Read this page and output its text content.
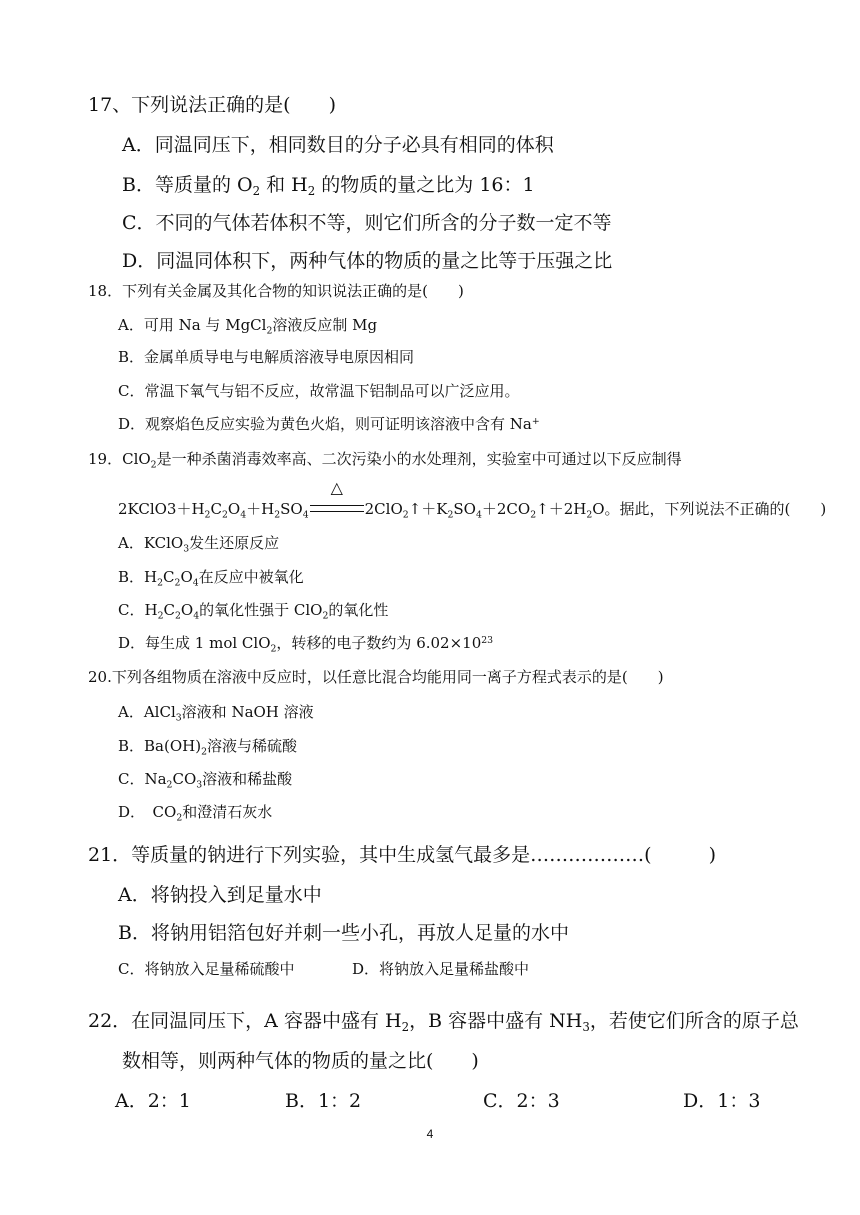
17、下列说法正确的是(　　)
A．同温同压下，相同数目的分子必具有相同的体积
B．等质量的 $O_2$ 和 $H_2$ 的物质的量之比为 16：1
C．不同的气体若体积不等，则它们所含的分子数一定不等
D．同温同体积下，两种气体的物质的量之比等于压强之比
18．下列有关金属及其化合物的知识说法正确的是(　　)
A．可用 Na 与 MgCl$_2$溶液反应制 Mg
B．金属单质导电与电解质溶液导电原因相同
C．常温下氧气与铝不反应，故常温下铝制品可以广泛应用。
D．观察焰色反应实验为黄色火焰，则可证明该溶液中含有 Na+
19．ClO$_2$是一种杀菌消毒效率高、二次污染小的水处理剂，实验室中可通过以下反应制得
$2KClO3+H_2C_2O_4+H_2SO_4$
△
$2ClO_2↑+K_2SO_4+2CO_2↑+2H_2O$。据此，下列说法不正确的(　　)
A．KClO$_3$发生还原反应
B．$H_2C_2O_4$在反应中被氧化
C．$H_2C_2O_4$的氧化性强于 ClO$_2$的氧化性
D．每生成 1 mol ClO$_2$，转移的电子数约为 $6.02\times 10^{23}$
20.下列各组物质在溶液中反应时，以任意比混合均能用同一离子方程式表示的是(　　)
A．AlCl$_3$溶液和 NaOH 溶液
B．$Ba(OH)_2$溶液与稀硫酸
C．$Na_2CO_3$溶液和稀盐酸
D．　$CO_2$和澄清石灰水
21．等质量的钠进行下列实验，其中生成氢气最多是………………(　　　)
A．将钠投入到足量水中
B．将钠用铝箔包好并刺一些小孔，再放人足量的水中
C．将钠放入足量稀硫酸中	D．将钠放入足量稀盐酸中
22．在同温同压下，A 容器中盛有 $H_2$，B 容器中盛有 $NH_3$，若使它们所含的原子总
数相等，则两种气体的物质的量之比(　　)
A．2：1	B．1：2	C．2：3	D．1：3
4
